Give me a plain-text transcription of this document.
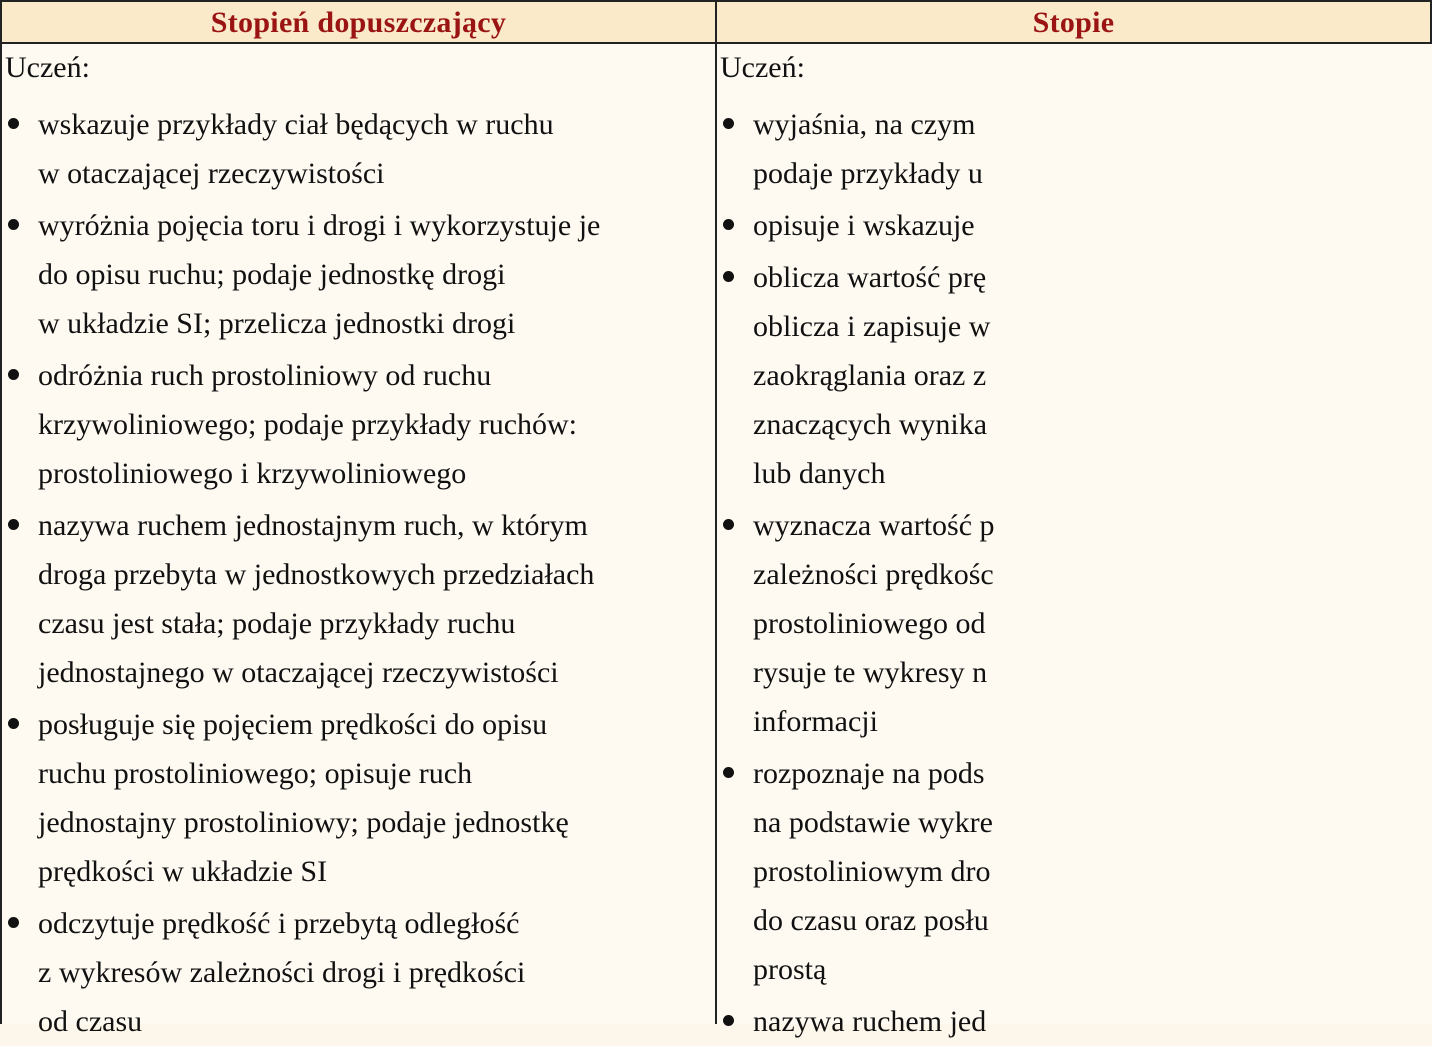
Stopień dopuszczający	Stopie
Uczeń:
wskazuje przykłady ciał będących w ruchu
w otaczającej rzeczywistości
wyróżnia pojęcia toru i drogi i wykorzystuje je
do opisu ruchu; podaje jednostkę drogi
w układzie SI; przelicza jednostki drogi
odróżnia ruch prostoliniowy od ruchu
krzywoliniowego; podaje przykłady ruchów:
prostoliniowego i krzywoliniowego
nazywa ruchem jednostajnym ruch, w którym
droga przebyta w jednostkowych przedziałach
czasu jest stała; podaje przykłady ruchu
jednostajnego w otaczającej rzeczywistości
posługuje się pojęciem prędkości do opisu
ruchu prostoliniowego; opisuje ruch
jednostajny prostoliniowy; podaje jednostkę
prędkości w układzie SI
odczytuje prędkość i przebytą odległość
z wykresów zależności drogi i prędkości
od czasu
Uczeń:
wyjaśnia, na czym
podaje przykłady u
opisuje i wskazuje
oblicza wartość prę
oblicza i zapisuje w
zaokrąglania oraz z
znaczących wynika
lub danych
wyznacza wartość p
zależności prędkośc
prostoliniowego od
rysuje te wykresy n
informacji
rozpoznaje na pods
na podstawie wykre
prostoliniowym dro
do czasu oraz posłu
prostą
nazywa ruchem jed
